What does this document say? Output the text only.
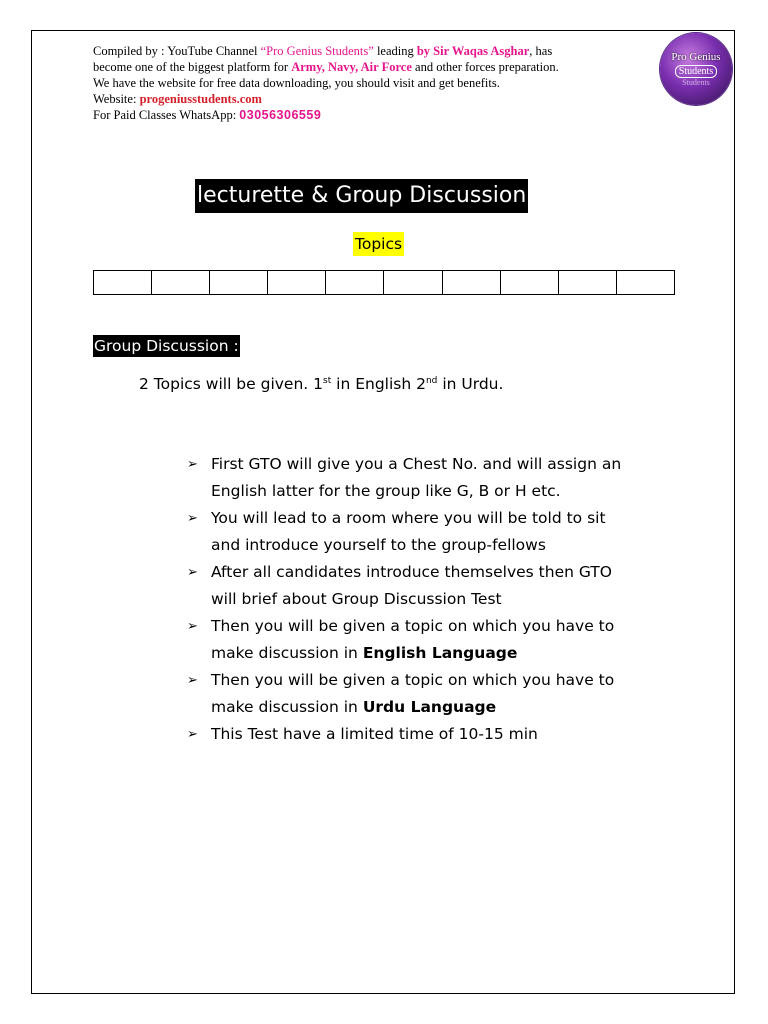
Compiled by : YouTube Channel “Pro Genius Students” leading by Sir Waqas Asghar, has
become one of the biggest platform for Army, Navy, Air Force and other forces preparation.
We have the website for free data downloading, you should visit and get benefits.
Website: progeniusstudents.com
For Paid Classes WhatsApp: 03056306559
Pro Genius
Students
Students
lecturette & Group Discussion
Topics
Group Discussion :
2 Topics will be given. 1st in English 2nd in Urdu.
➢ First GTO will give you a Chest No. and will assign an
English latter for the group like G, B or H etc.
➢ You will lead to a room where you will be told to sit
and introduce yourself to the group-fellows
➢ After all candidates introduce themselves then GTO
will brief about Group Discussion Test
➢ Then you will be given a topic on which you have to
make discussion in English Language
➢ Then you will be given a topic on which you have to
make discussion in Urdu Language
➢ This Test have a limited time of 10-15 min
